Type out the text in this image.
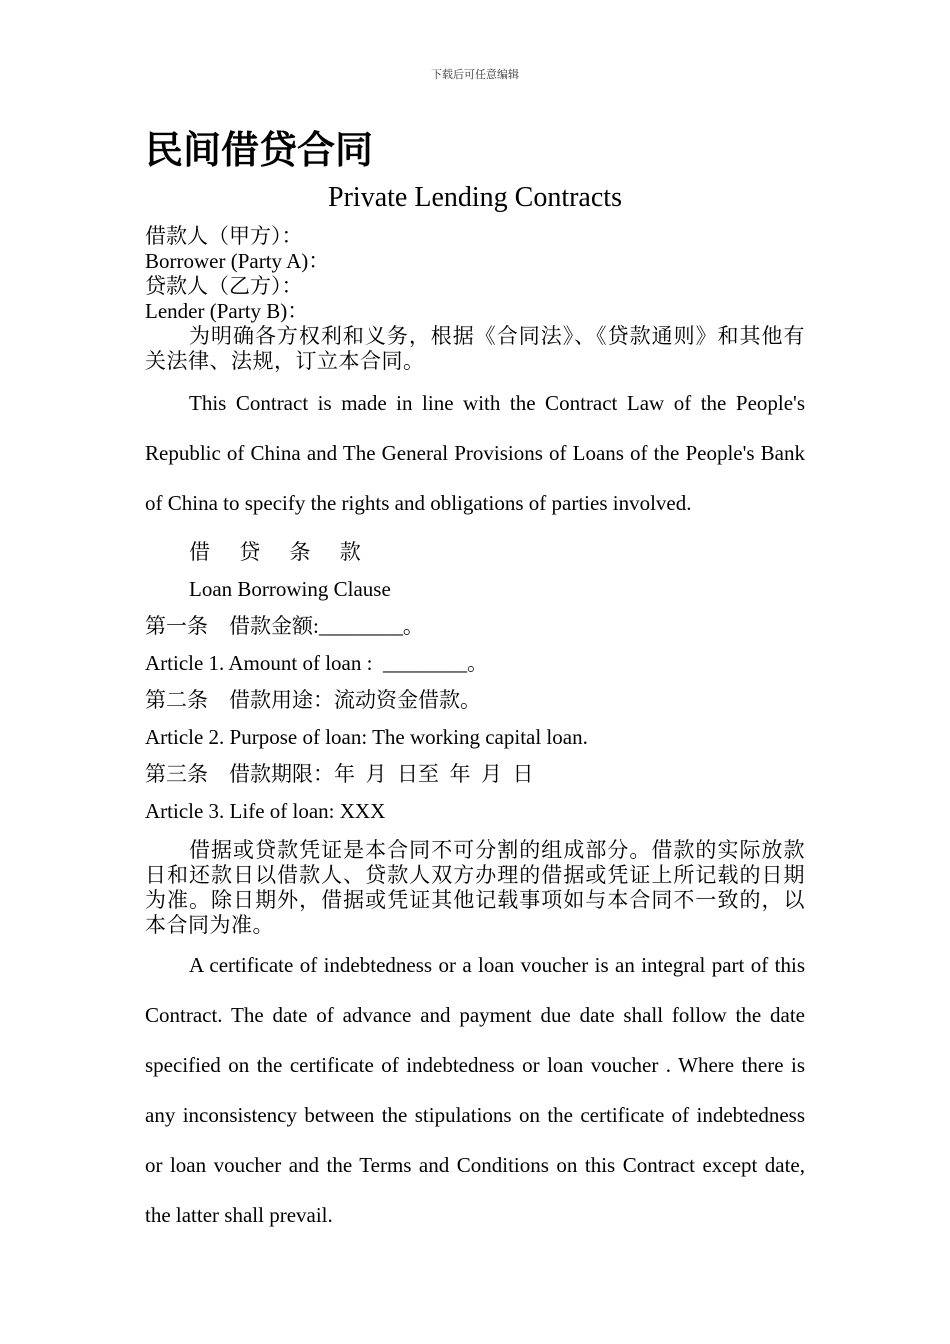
下载后可任意编辑
民间借贷合同
Private Lending Contracts

借款人（甲方）：

Borrower (Party A)：

贷款人（乙方）：

Lender (Party B)：

为明确各方权利和义务，根据《合同法》、《贷款通则》和其他有关法律、法规，订立本合同。

This Contract is made in line with the Contract Law of the People's Republic of China and The General Provisions of Loans of the People's Bank of China to specify the rights and obligations of parties involved.

借 贷 条 款

Loan Borrowing Clause

第一条    借款金额:________。

Article 1. Amount of loan :  ________。

第二条    借款用途：流动资金借款。

Article 2. Purpose of loan: The working capital loan.

第三条    借款期限：年  月  日至  年  月  日

Article 3. Life of loan: XXX

借据或贷款凭证是本合同不可分割的组成部分。借款的实际放款日和还款日以借款人、贷款人双方办理的借据或凭证上所记载的日期为准。除日期外，借据或凭证其他记载事项如与本合同不一致的，以本合同为准。

A certificate of indebtedness or a loan voucher is an integral part of this Contract. The date of advance and payment due date shall follow the date specified on the certificate of indebtedness or loan voucher . Where there is any inconsistency between the stipulations on the certificate of indebtedness or loan voucher and the Terms and Conditions on this Contract except date, the latter shall prevail.
